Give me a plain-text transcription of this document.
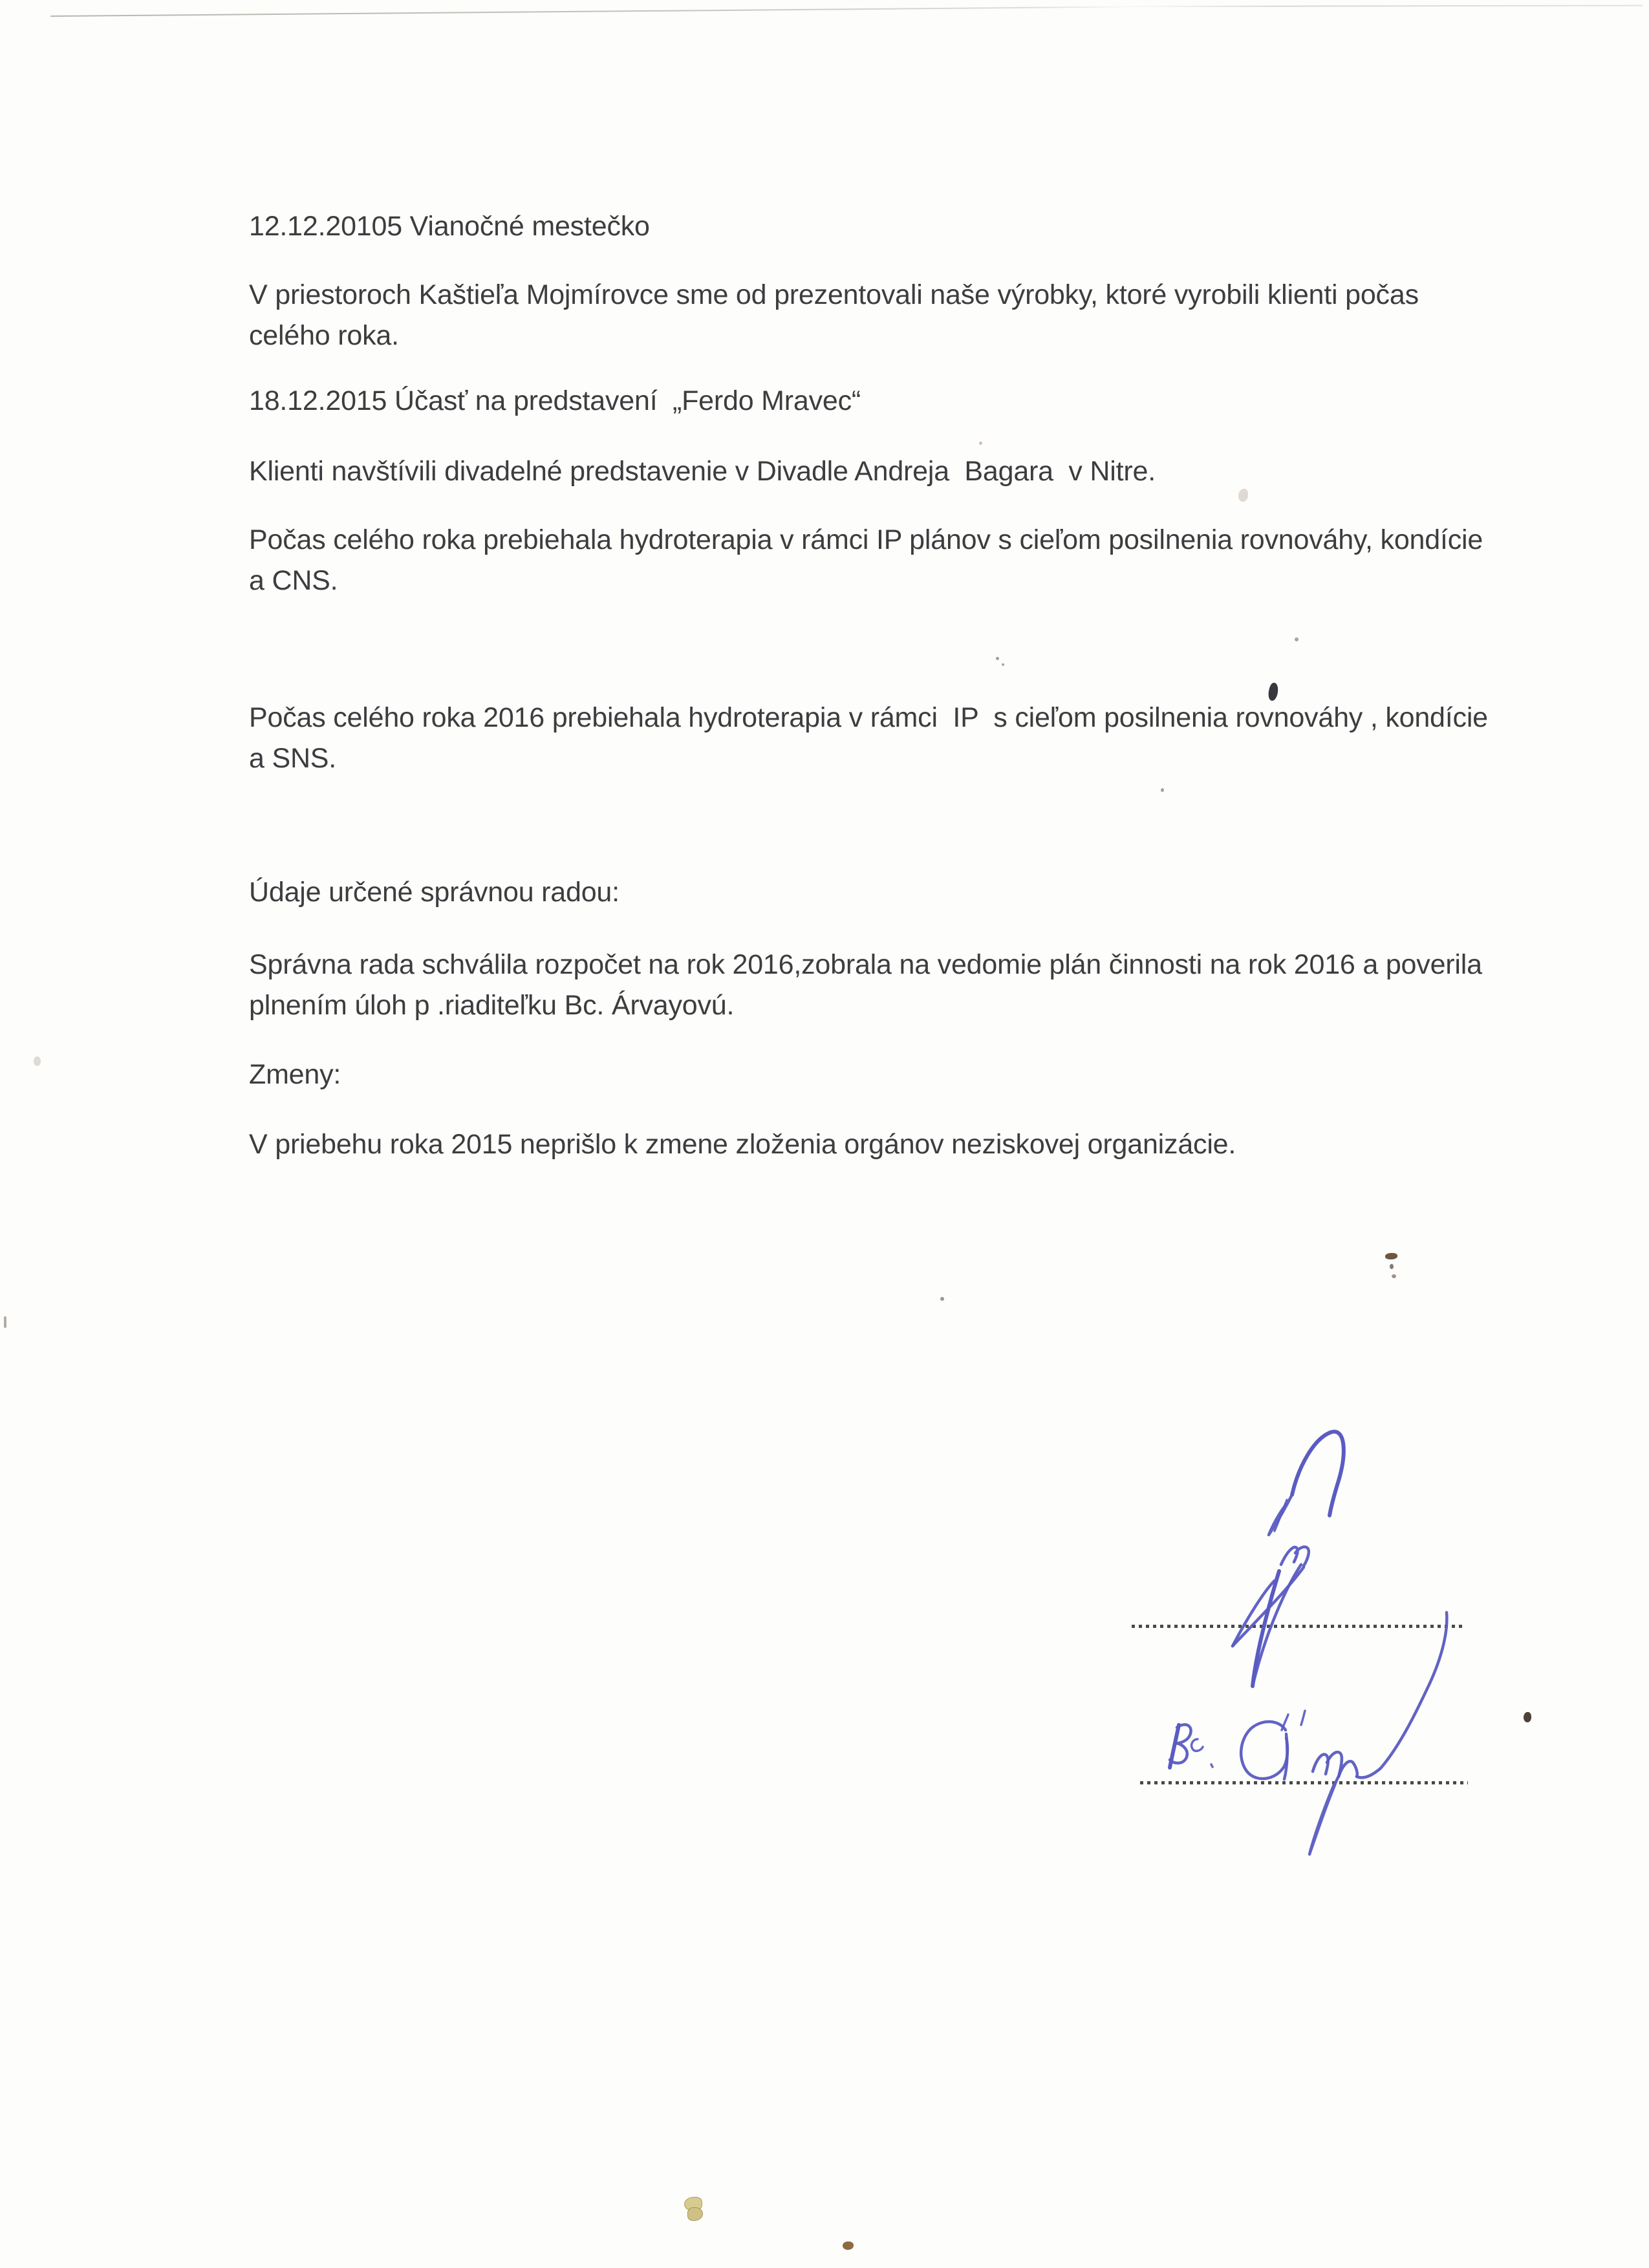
12.12.20105 Vianočné mestečko

V priestoroch Kaštieľa Mojmírovce sme od prezentovali naše výrobky, ktoré vyrobili klienti počas

celého roka.

18.12.2015 Účasť na predstavení  „Ferdo Mravec“

Klienti navštívili divadelné predstavenie v Divadle Andreja  Bagara  v Nitre.

Počas celého roka prebiehala hydroterapia v rámci IP plánov s cieľom posilnenia rovnováhy, kondície

a CNS.

Počas celého roka 2016 prebiehala hydroterapia v rámci  IP  s cieľom posilnenia rovnováhy , kondície

a SNS.

Údaje určené správnou radou:

Správna rada schválila rozpočet na rok 2016,zobrala na vedomie plán činnosti na rok 2016 a poverila

plnením úloh p .riaditeľku Bc. Árvayovú.

Zmeny:

V priebehu roka 2015 neprišlo k zmene zloženia orgánov neziskovej organizácie.
